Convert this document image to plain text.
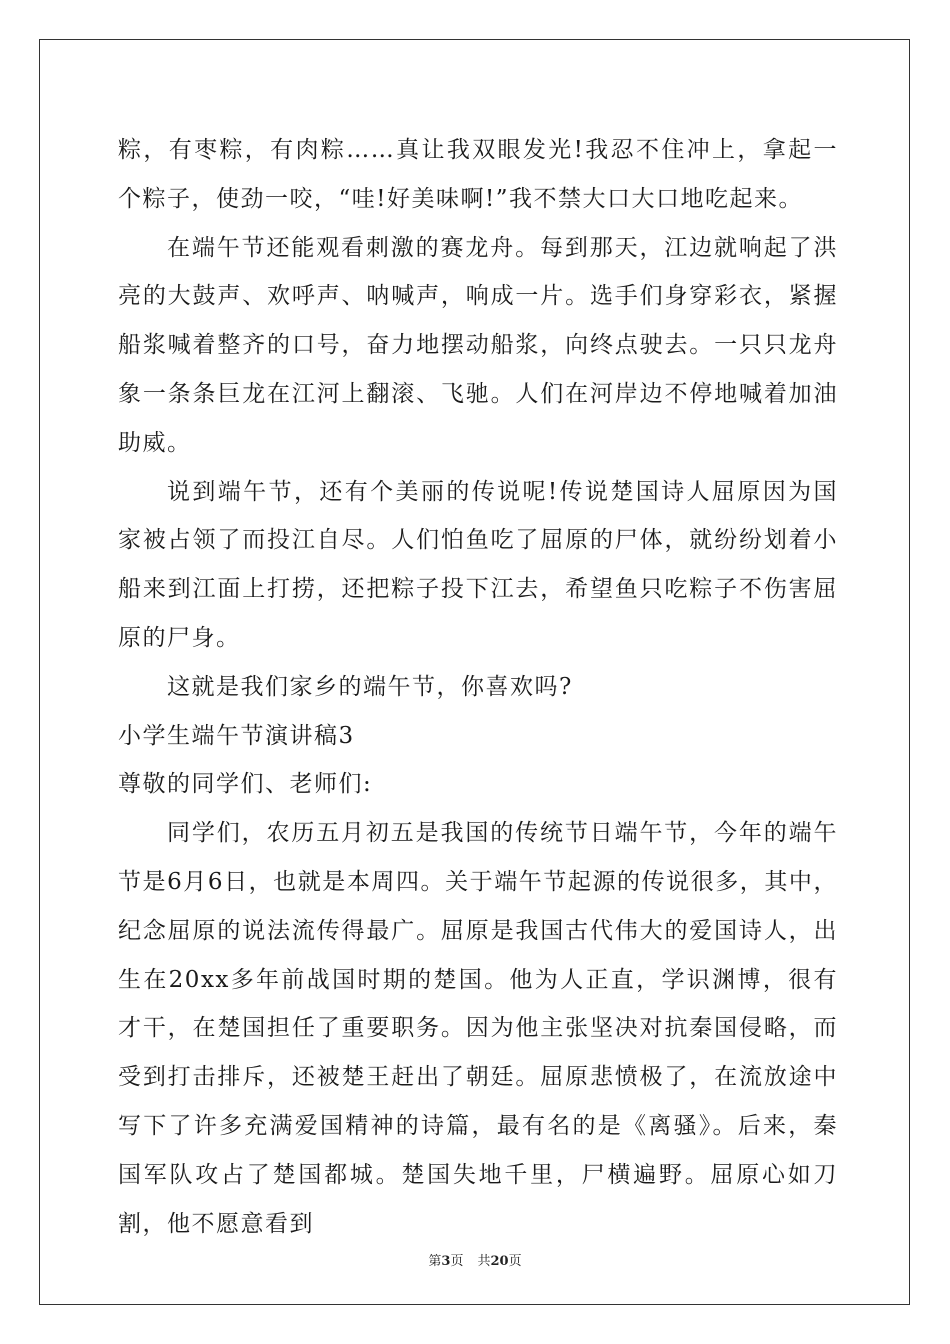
粽，有枣粽，有肉粽……真让我双眼发光!我忍不住冲上，拿起一个粽子，使劲一咬，“哇!好美味啊!”我不禁大口大口地吃起来。

在端午节还能观看刺激的赛龙舟。每到那天，江边就响起了洪亮的大鼓声、欢呼声、呐喊声，响成一片。选手们身穿彩衣，紧握船浆喊着整齐的口号，奋力地摆动船浆，向终点驶去。一只只龙舟象一条条巨龙在江河上翻滚、飞驰。人们在河岸边不停地喊着加油助威。

说到端午节，还有个美丽的传说呢!传说楚国诗人屈原因为国家被占领了而投江自尽。人们怕鱼吃了屈原的尸体，就纷纷划着小船来到江面上打捞，还把粽子投下江去，希望鱼只吃粽子不伤害屈原的尸身。

这就是我们家乡的端午节，你喜欢吗?

小学生端午节演讲稿3

尊敬的同学们、老师们:

同学们，农历五月初五是我国的传统节日端午节，今年的端午节是6月6日，也就是本周四。关于端午节起源的传说很多，其中，纪念屈原的说法流传得最广。屈原是我国古代伟大的爱国诗人，出生在20xx多年前战国时期的楚国。他为人正直，学识渊博，很有才干，在楚国担任了重要职务。因为他主张坚决对抗秦国侵略，而受到打击排斥，还被楚王赶出了朝廷。屈原悲愤极了，在流放途中写下了许多充满爱国精神的诗篇，最有名的是《离骚》。后来，秦国军队攻占了楚国都城。楚国失地千里，尸横遍野。屈原心如刀割，他不愿意看到

第3页 共20页
